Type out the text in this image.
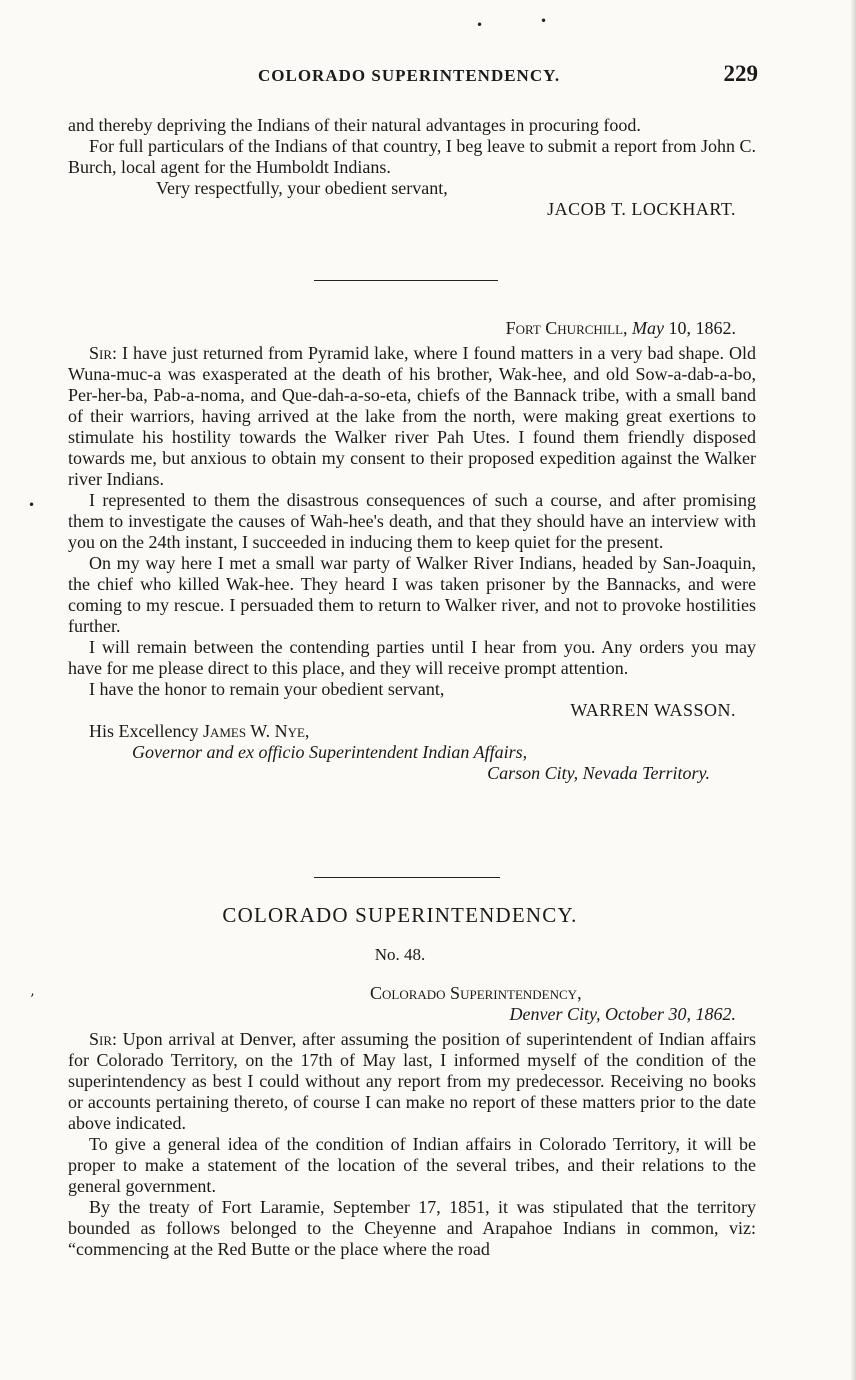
COLORADO SUPERINTENDENCY.	229

and thereby depriving the Indians of their natural advantages in procuring food.

For full particulars of the Indians of that country, I beg leave to submit a report from John C. Burch, local agent for the Humboldt Indians.

Very respectfully, your obedient servant,

JACOB T. LOCKHART.

Fort Churchill, May 10, 1862.

Sir: I have just returned from Pyramid lake, where I found matters in a very bad shape. Old Wuna-muc-a was exasperated at the death of his brother, Wak-hee, and old Sow-a-dab-a-bo, Per-her-ba, Pab-a-noma, and Que-dah-a-so-eta, chiefs of the Bannack tribe, with a small band of their warriors, having arrived at the lake from the north, were making great exertions to stimulate his hostility towards the Walker river Pah Utes. I found them friendly disposed towards me, but anxious to obtain my consent to their proposed expedition against the Walker river Indians.

I represented to them the disastrous consequences of such a course, and after promising them to investigate the causes of Wah-hee's death, and that they should have an interview with you on the 24th instant, I succeeded in inducing them to keep quiet for the present.

On my way here I met a small war party of Walker River Indians, headed by San-Joaquin, the chief who killed Wak-hee. They heard I was taken prisoner by the Bannacks, and were coming to my rescue. I persuaded them to return to Walker river, and not to provoke hostilities further.

I will remain between the contending parties until I hear from you. Any orders you may have for me please direct to this place, and they will receive prompt attention.

I have the honor to remain your obedient servant,

WARREN WASSON.

His Excellency James W. Nye,

Governor and ex officio Superintendent Indian Affairs,

Carson City, Nevada Territory.

COLORADO SUPERINTENDENCY.
No. 48.

Colorado Superintendency,

Denver City, October 30, 1862.

Sir: Upon arrival at Denver, after assuming the position of superintendent of Indian affairs for Colorado Territory, on the 17th of May last, I informed myself of the condition of the superintendency as best I could without any report from my predecessor. Receiving no books or accounts pertaining thereto, of course I can make no report of these matters prior to the date above indicated.

To give a general idea of the condition of Indian affairs in Colorado Territory, it will be proper to make a statement of the location of the several tribes, and their relations to the general government.

By the treaty of Fort Laramie, September 17, 1851, it was stipulated that the territory bounded as follows belonged to the Cheyenne and Arapahoe Indians in common, viz: “commencing at the Red Butte or the place where the road

•	•
•
’
